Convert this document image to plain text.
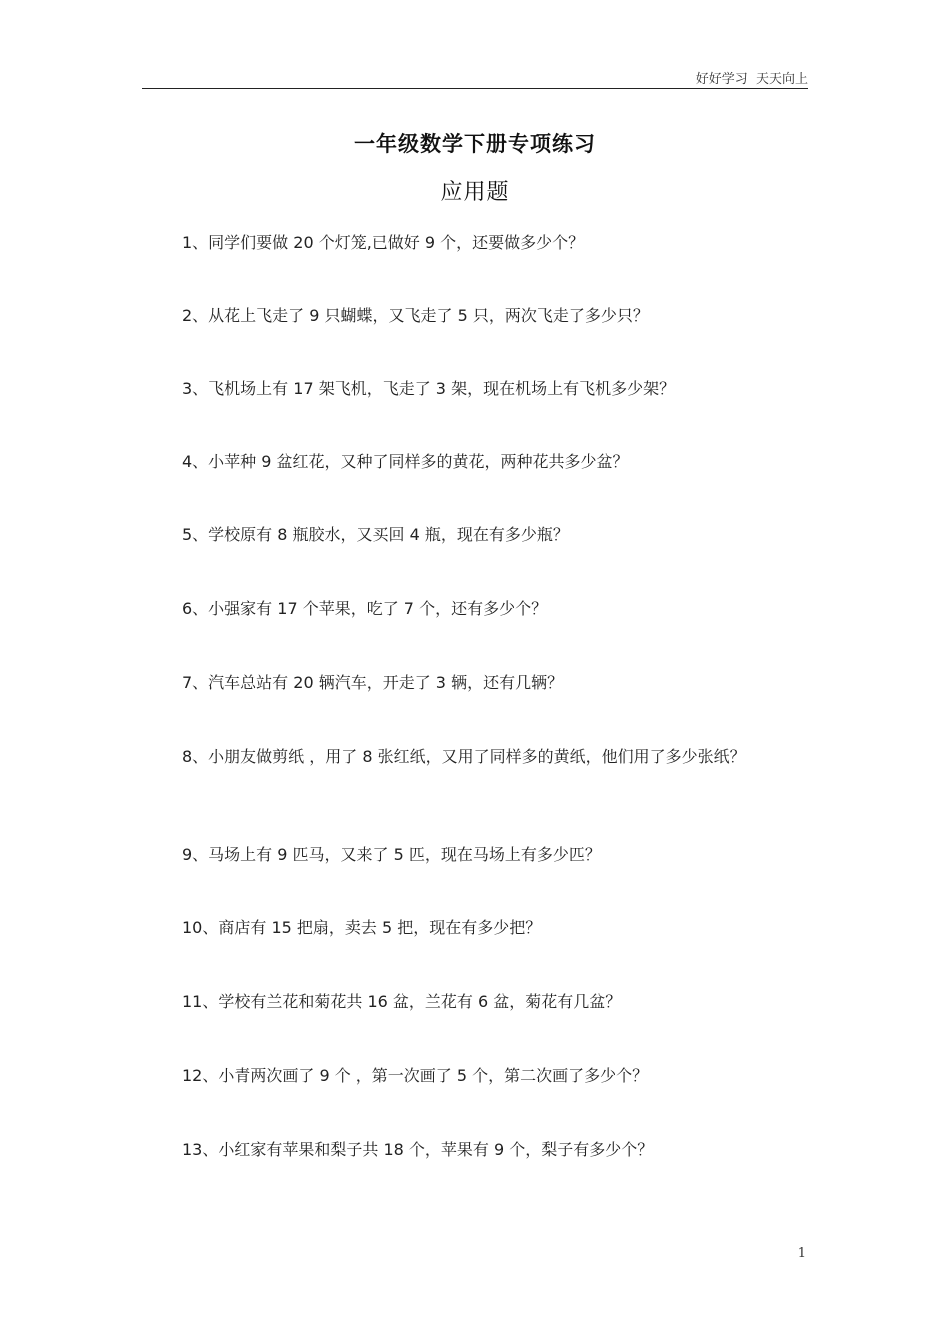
好好学习  天天向上
一年级数学下册专项练习
应用题

1、同学们要做 20 个灯笼,已做好 9 个，还要做多少个？

2、从花上飞走了 9 只蝴蝶，又飞走了 5 只，两次飞走了多少只？

3、飞机场上有 17 架飞机，飞走了 3 架，现在机场上有飞机多少架？

4、小苹种 9 盆红花，又种了同样多的黄花，两种花共多少盆？

5、学校原有 8 瓶胶水，又买回 4 瓶，现在有多少瓶？

6、小强家有 17 个苹果，吃了 7 个，还有多少个？

7、汽车总站有 20 辆汽车，开走了 3 辆，还有几辆？

8、小朋友做剪纸 ，用了 8 张红纸，又用了同样多的黄纸，他们用了多少张纸？

9、马场上有 9 匹马，又来了 5 匹，现在马场上有多少匹？

10、商店有 15 把扇，卖去 5 把，现在有多少把？

11、学校有兰花和菊花共 16 盆，兰花有 6 盆，菊花有几盆？

12、小青两次画了 9 个 ，第一次画了 5 个，第二次画了多少个？

13、小红家有苹果和梨子共 18 个，苹果有 9 个，梨子有多少个？

1
